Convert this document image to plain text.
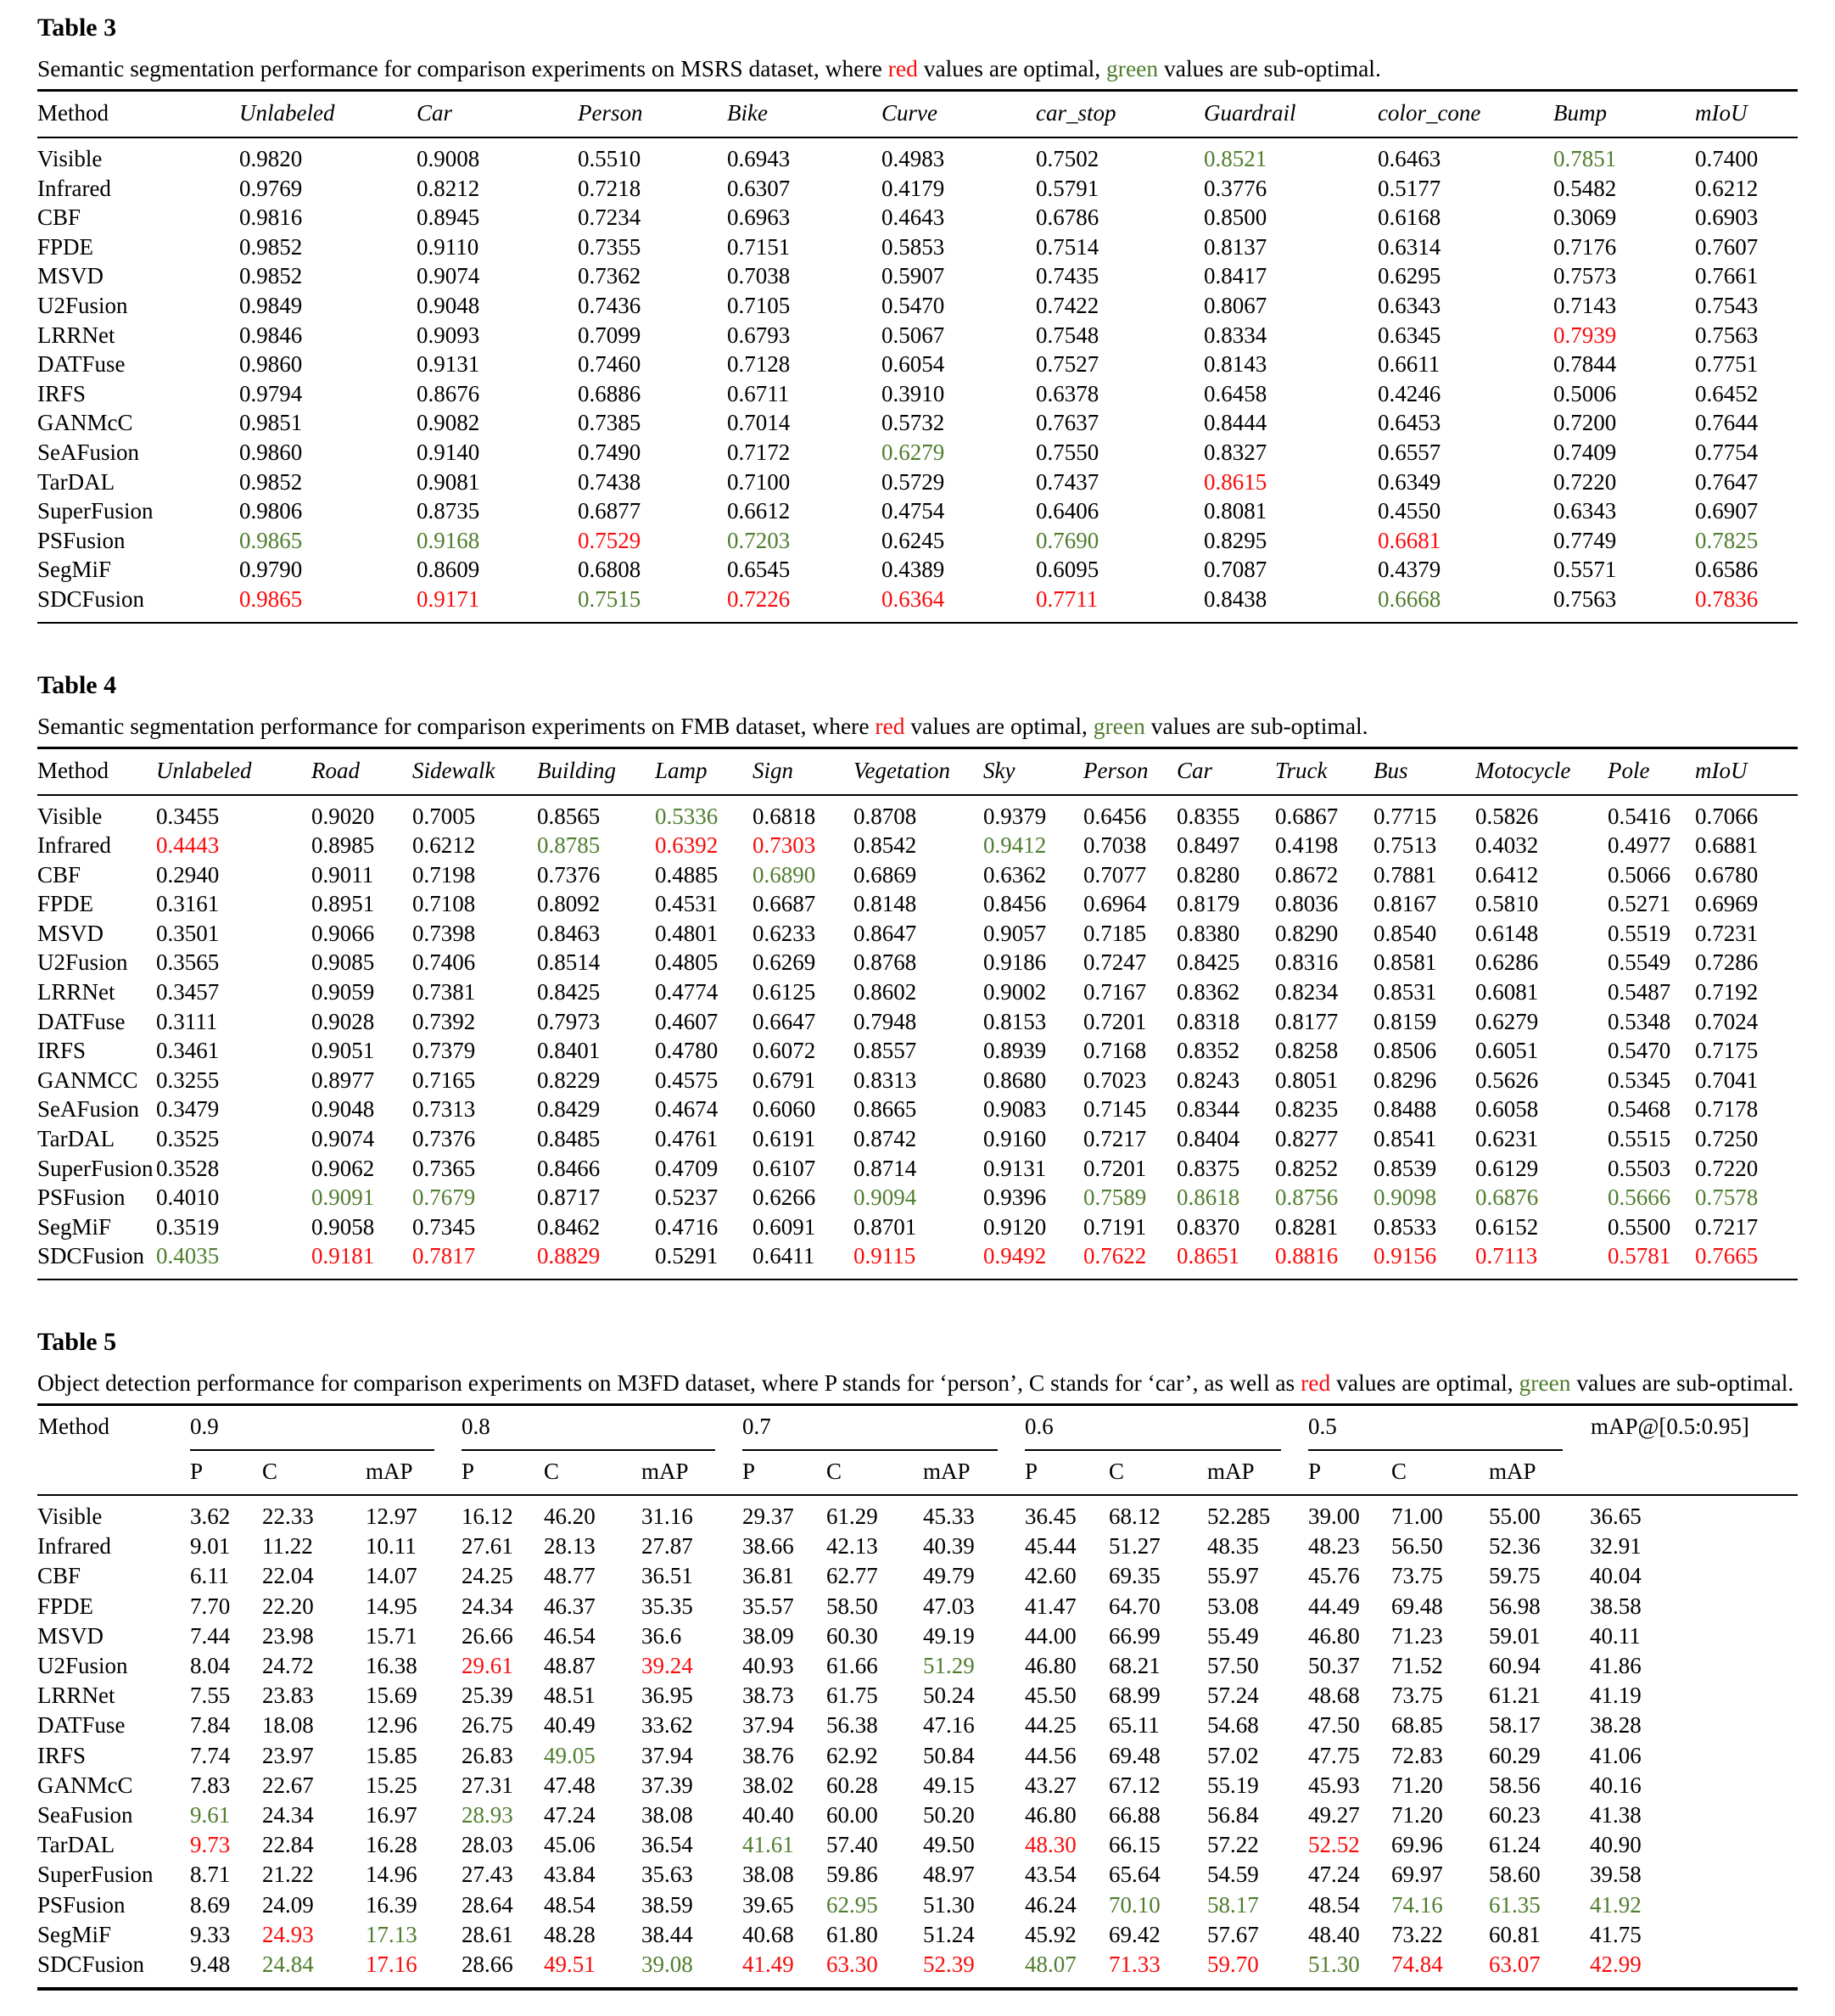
Table 3

Semantic segmentation performance for comparison experiments on MSRS dataset, where red values are optimal, green values are sub-optimal.

Method	Unlabeled	Car	Person	Bike	Curve	car_stop	Guardrail	color_cone	Bump	mIoU
Visible	0.9820	0.9008	0.5510	0.6943	0.4983	0.7502	0.8521	0.6463	0.7851	0.7400
Infrared	0.9769	0.8212	0.7218	0.6307	0.4179	0.5791	0.3776	0.5177	0.5482	0.6212
CBF	0.9816	0.8945	0.7234	0.6963	0.4643	0.6786	0.8500	0.6168	0.3069	0.6903
FPDE	0.9852	0.9110	0.7355	0.7151	0.5853	0.7514	0.8137	0.6314	0.7176	0.7607
MSVD	0.9852	0.9074	0.7362	0.7038	0.5907	0.7435	0.8417	0.6295	0.7573	0.7661
U2Fusion	0.9849	0.9048	0.7436	0.7105	0.5470	0.7422	0.8067	0.6343	0.7143	0.7543
LRRNet	0.9846	0.9093	0.7099	0.6793	0.5067	0.7548	0.8334	0.6345	0.7939	0.7563
DATFuse	0.9860	0.9131	0.7460	0.7128	0.6054	0.7527	0.8143	0.6611	0.7844	0.7751
IRFS	0.9794	0.8676	0.6886	0.6711	0.3910	0.6378	0.6458	0.4246	0.5006	0.6452
GANMcC	0.9851	0.9082	0.7385	0.7014	0.5732	0.7637	0.8444	0.6453	0.7200	0.7644
SeAFusion	0.9860	0.9140	0.7490	0.7172	0.6279	0.7550	0.8327	0.6557	0.7409	0.7754
TarDAL	0.9852	0.9081	0.7438	0.7100	0.5729	0.7437	0.8615	0.6349	0.7220	0.7647
SuperFusion	0.9806	0.8735	0.6877	0.6612	0.4754	0.6406	0.8081	0.4550	0.6343	0.6907
PSFusion	0.9865	0.9168	0.7529	0.7203	0.6245	0.7690	0.8295	0.6681	0.7749	0.7825
SegMiF	0.9790	0.8609	0.6808	0.6545	0.4389	0.6095	0.7087	0.4379	0.5571	0.6586
SDCFusion	0.9865	0.9171	0.7515	0.7226	0.6364	0.7711	0.8438	0.6668	0.7563	0.7836
Table 4

Semantic segmentation performance for comparison experiments on FMB dataset, where red values are optimal, green values are sub-optimal.

Method	Unlabeled	Road	Sidewalk	Building	Lamp	Sign	Vegetation	Sky	Person	Car	Truck	Bus	Motocycle	Pole	mIoU
Visible	0.3455	0.9020	0.7005	0.8565	0.5336	0.6818	0.8708	0.9379	0.6456	0.8355	0.6867	0.7715	0.5826	0.5416	0.7066
Infrared	0.4443	0.8985	0.6212	0.8785	0.6392	0.7303	0.8542	0.9412	0.7038	0.8497	0.4198	0.7513	0.4032	0.4977	0.6881
CBF	0.2940	0.9011	0.7198	0.7376	0.4885	0.6890	0.6869	0.6362	0.7077	0.8280	0.8672	0.7881	0.6412	0.5066	0.6780
FPDE	0.3161	0.8951	0.7108	0.8092	0.4531	0.6687	0.8148	0.8456	0.6964	0.8179	0.8036	0.8167	0.5810	0.5271	0.6969
MSVD	0.3501	0.9066	0.7398	0.8463	0.4801	0.6233	0.8647	0.9057	0.7185	0.8380	0.8290	0.8540	0.6148	0.5519	0.7231
U2Fusion	0.3565	0.9085	0.7406	0.8514	0.4805	0.6269	0.8768	0.9186	0.7247	0.8425	0.8316	0.8581	0.6286	0.5549	0.7286
LRRNet	0.3457	0.9059	0.7381	0.8425	0.4774	0.6125	0.8602	0.9002	0.7167	0.8362	0.8234	0.8531	0.6081	0.5487	0.7192
DATFuse	0.3111	0.9028	0.7392	0.7973	0.4607	0.6647	0.7948	0.8153	0.7201	0.8318	0.8177	0.8159	0.6279	0.5348	0.7024
IRFS	0.3461	0.9051	0.7379	0.8401	0.4780	0.6072	0.8557	0.8939	0.7168	0.8352	0.8258	0.8506	0.6051	0.5470	0.7175
GANMCC	0.3255	0.8977	0.7165	0.8229	0.4575	0.6791	0.8313	0.8680	0.7023	0.8243	0.8051	0.8296	0.5626	0.5345	0.7041
SeAFusion	0.3479	0.9048	0.7313	0.8429	0.4674	0.6060	0.8665	0.9083	0.7145	0.8344	0.8235	0.8488	0.6058	0.5468	0.7178
TarDAL	0.3525	0.9074	0.7376	0.8485	0.4761	0.6191	0.8742	0.9160	0.7217	0.8404	0.8277	0.8541	0.6231	0.5515	0.7250
SuperFusion	0.3528	0.9062	0.7365	0.8466	0.4709	0.6107	0.8714	0.9131	0.7201	0.8375	0.8252	0.8539	0.6129	0.5503	0.7220
PSFusion	0.4010	0.9091	0.7679	0.8717	0.5237	0.6266	0.9094	0.9396	0.7589	0.8618	0.8756	0.9098	0.6876	0.5666	0.7578
SegMiF	0.3519	0.9058	0.7345	0.8462	0.4716	0.6091	0.8701	0.9120	0.7191	0.8370	0.8281	0.8533	0.6152	0.5500	0.7217
SDCFusion	0.4035	0.9181	0.7817	0.8829	0.5291	0.6411	0.9115	0.9492	0.7622	0.8651	0.8816	0.9156	0.7113	0.5781	0.7665
Table 5

Object detection performance for comparison experiments on M3FD dataset, where P stands for ‘person’, C stands for ‘car’, as well as red values are optimal, green values are sub-optimal.

Method	0.9			0.8			0.7			0.6			0.5			mAP@[0.5:0.95]
	P	C	mAP	P	C	mAP	P	C	mAP	P	C	mAP	P	C	mAP	
Visible	3.62	22.33	12.97	16.12	46.20	31.16	29.37	61.29	45.33	36.45	68.12	52.285	39.00	71.00	55.00	36.65
Infrared	9.01	11.22	10.11	27.61	28.13	27.87	38.66	42.13	40.39	45.44	51.27	48.35	48.23	56.50	52.36	32.91
CBF	6.11	22.04	14.07	24.25	48.77	36.51	36.81	62.77	49.79	42.60	69.35	55.97	45.76	73.75	59.75	40.04
FPDE	7.70	22.20	14.95	24.34	46.37	35.35	35.57	58.50	47.03	41.47	64.70	53.08	44.49	69.48	56.98	38.58
MSVD	7.44	23.98	15.71	26.66	46.54	36.6	38.09	60.30	49.19	44.00	66.99	55.49	46.80	71.23	59.01	40.11
U2Fusion	8.04	24.72	16.38	29.61	48.87	39.24	40.93	61.66	51.29	46.80	68.21	57.50	50.37	71.52	60.94	41.86
LRRNet	7.55	23.83	15.69	25.39	48.51	36.95	38.73	61.75	50.24	45.50	68.99	57.24	48.68	73.75	61.21	41.19
DATFuse	7.84	18.08	12.96	26.75	40.49	33.62	37.94	56.38	47.16	44.25	65.11	54.68	47.50	68.85	58.17	38.28
IRFS	7.74	23.97	15.85	26.83	49.05	37.94	38.76	62.92	50.84	44.56	69.48	57.02	47.75	72.83	60.29	41.06
GANMcC	7.83	22.67	15.25	27.31	47.48	37.39	38.02	60.28	49.15	43.27	67.12	55.19	45.93	71.20	58.56	40.16
SeaFusion	9.61	24.34	16.97	28.93	47.24	38.08	40.40	60.00	50.20	46.80	66.88	56.84	49.27	71.20	60.23	41.38
TarDAL	9.73	22.84	16.28	28.03	45.06	36.54	41.61	57.40	49.50	48.30	66.15	57.22	52.52	69.96	61.24	40.90
SuperFusion	8.71	21.22	14.96	27.43	43.84	35.63	38.08	59.86	48.97	43.54	65.64	54.59	47.24	69.97	58.60	39.58
PSFusion	8.69	24.09	16.39	28.64	48.54	38.59	39.65	62.95	51.30	46.24	70.10	58.17	48.54	74.16	61.35	41.92
SegMiF	9.33	24.93	17.13	28.61	48.28	38.44	40.68	61.80	51.24	45.92	69.42	57.67	48.40	73.22	60.81	41.75
SDCFusion	9.48	24.84	17.16	28.66	49.51	39.08	41.49	63.30	52.39	48.07	71.33	59.70	51.30	74.84	63.07	42.99
